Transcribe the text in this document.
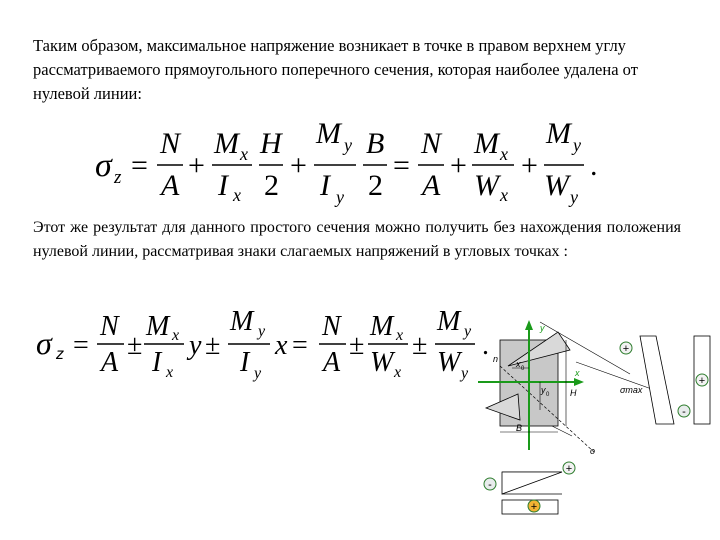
Таким образом, максимальное напряжение возникает в точке в правом верхнем углу рассматриваемого прямоугольного поперечного сечения, которая наиболее удалена от нулевой линии:

Этот же результат для данного простого сечения можно получить без нахождения положения нулевой линии, рассматривая знаки слагаемых напряжений в угловых точках :

σ z =
N
A
+
M x
I x
H
2
+
M y
I y
B
2
=
N
A
+
M x
W x
+
M y
W y
.
σ z =
N
A
±
M x
I x
y ±
M y
I y
x =
N
A
±
M x
W x
±
M y
W y
.
y
n x 0
y 0
x
H
B
o
σmax
+
+
-
+
-
+
